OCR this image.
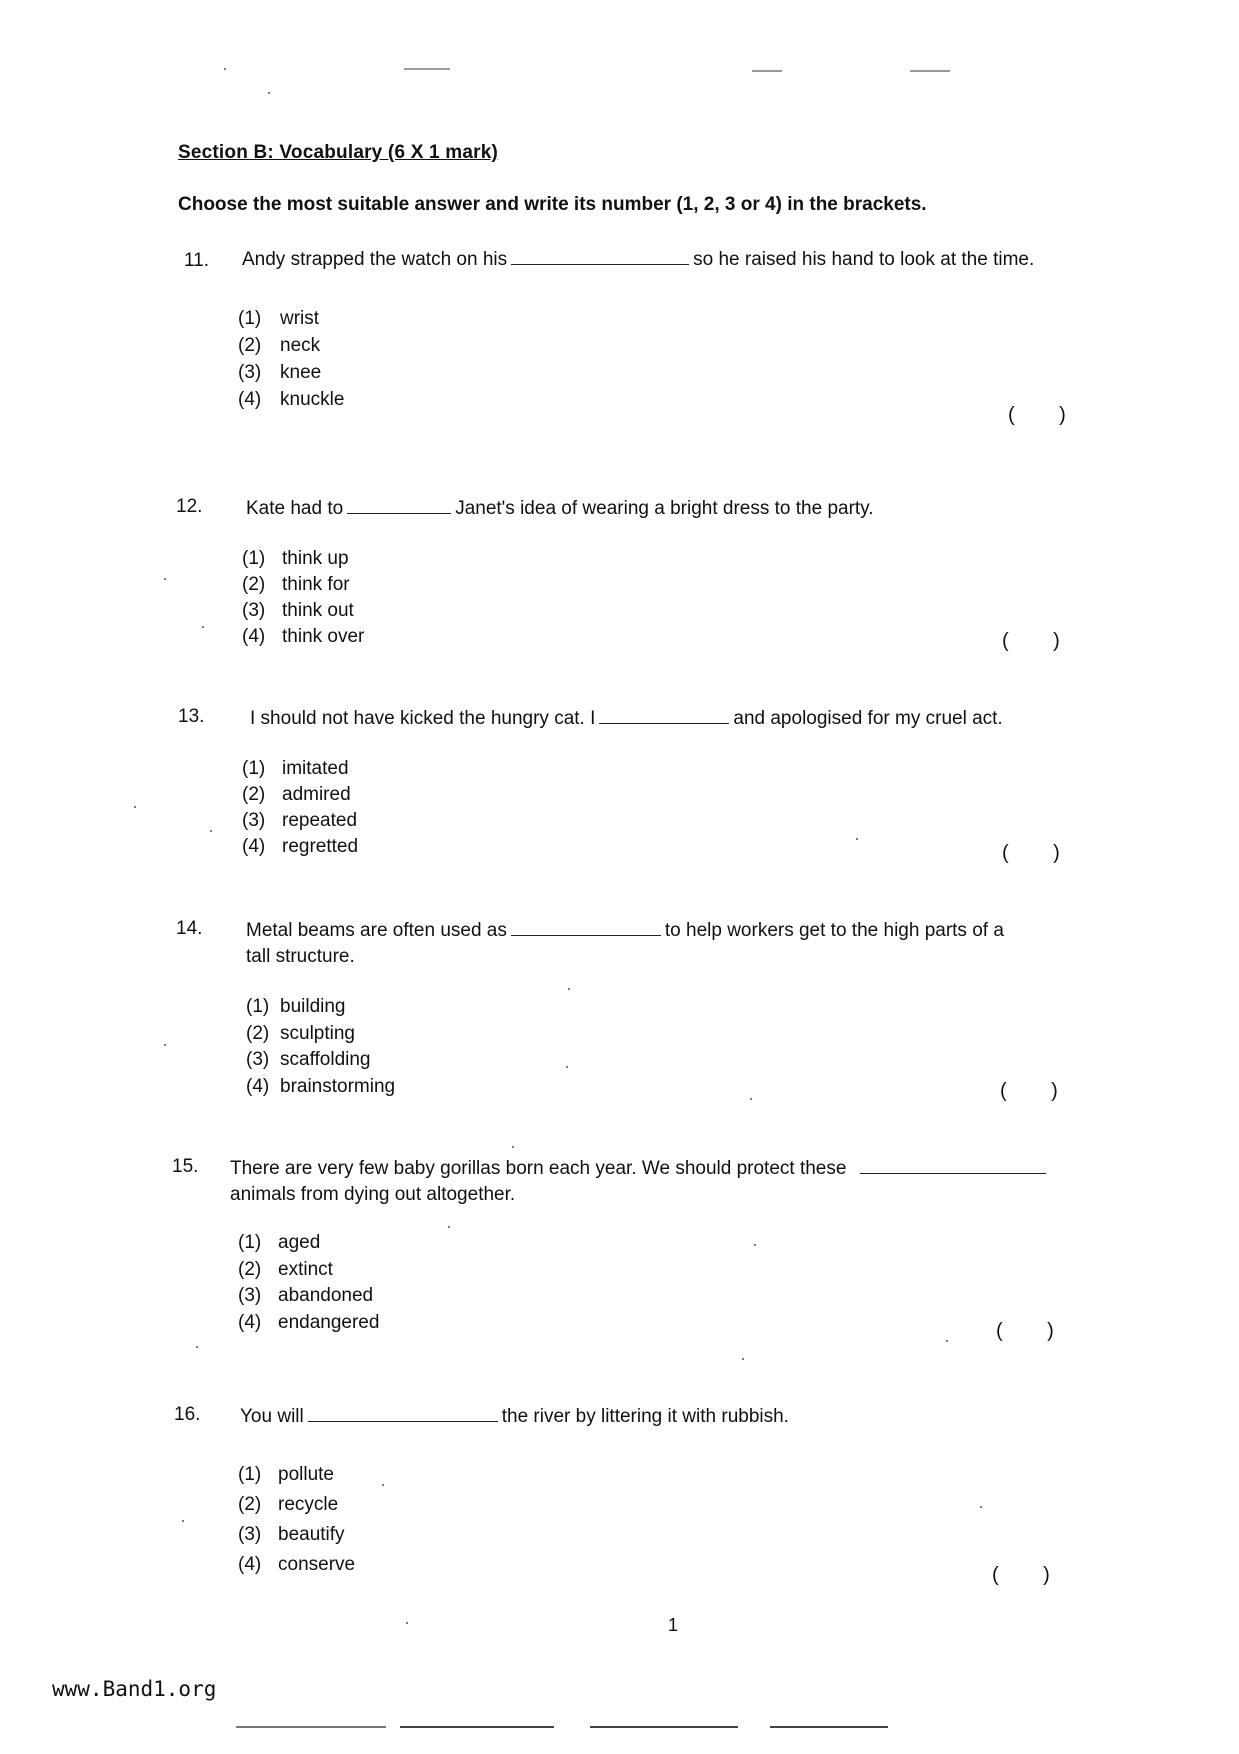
Section B: Vocabulary (6 X 1 mark)
Choose the most suitable answer and write its number (1, 2, 3 or 4) in the brackets.
11. Andy strapped the watch on his	so he raised his hand to look at the time.
(1) wrist
(2) neck
(3) knee
(4) knuckle
(        )
12. Kate had to	Janet's idea of wearing a bright dress to the party.
(1) think up
(2) think for
(3) think out
(4) think over	(        )
13. I should not have kicked the hungry cat. I	and apologised for my cruel act.
(1) imitated
(2) admired
(3) repeated
(4) regretted	(        )
14. Metal beams are often used as	to help workers get to the high parts of a
tall structure.
(1) building
(2) sculpting
(3) scaffolding
(4) brainstorming	(        )
15. There are very few baby gorillas born each year. We should protect these
animals from dying out altogether.
(1) aged
(2) extinct
(3) abandoned
(4) endangered	(        )
16. You will	the river by littering it with rubbish.
(1) pollute
(2) recycle
(3) beautify
(4) conserve	(        )
1
www.Band1.org
